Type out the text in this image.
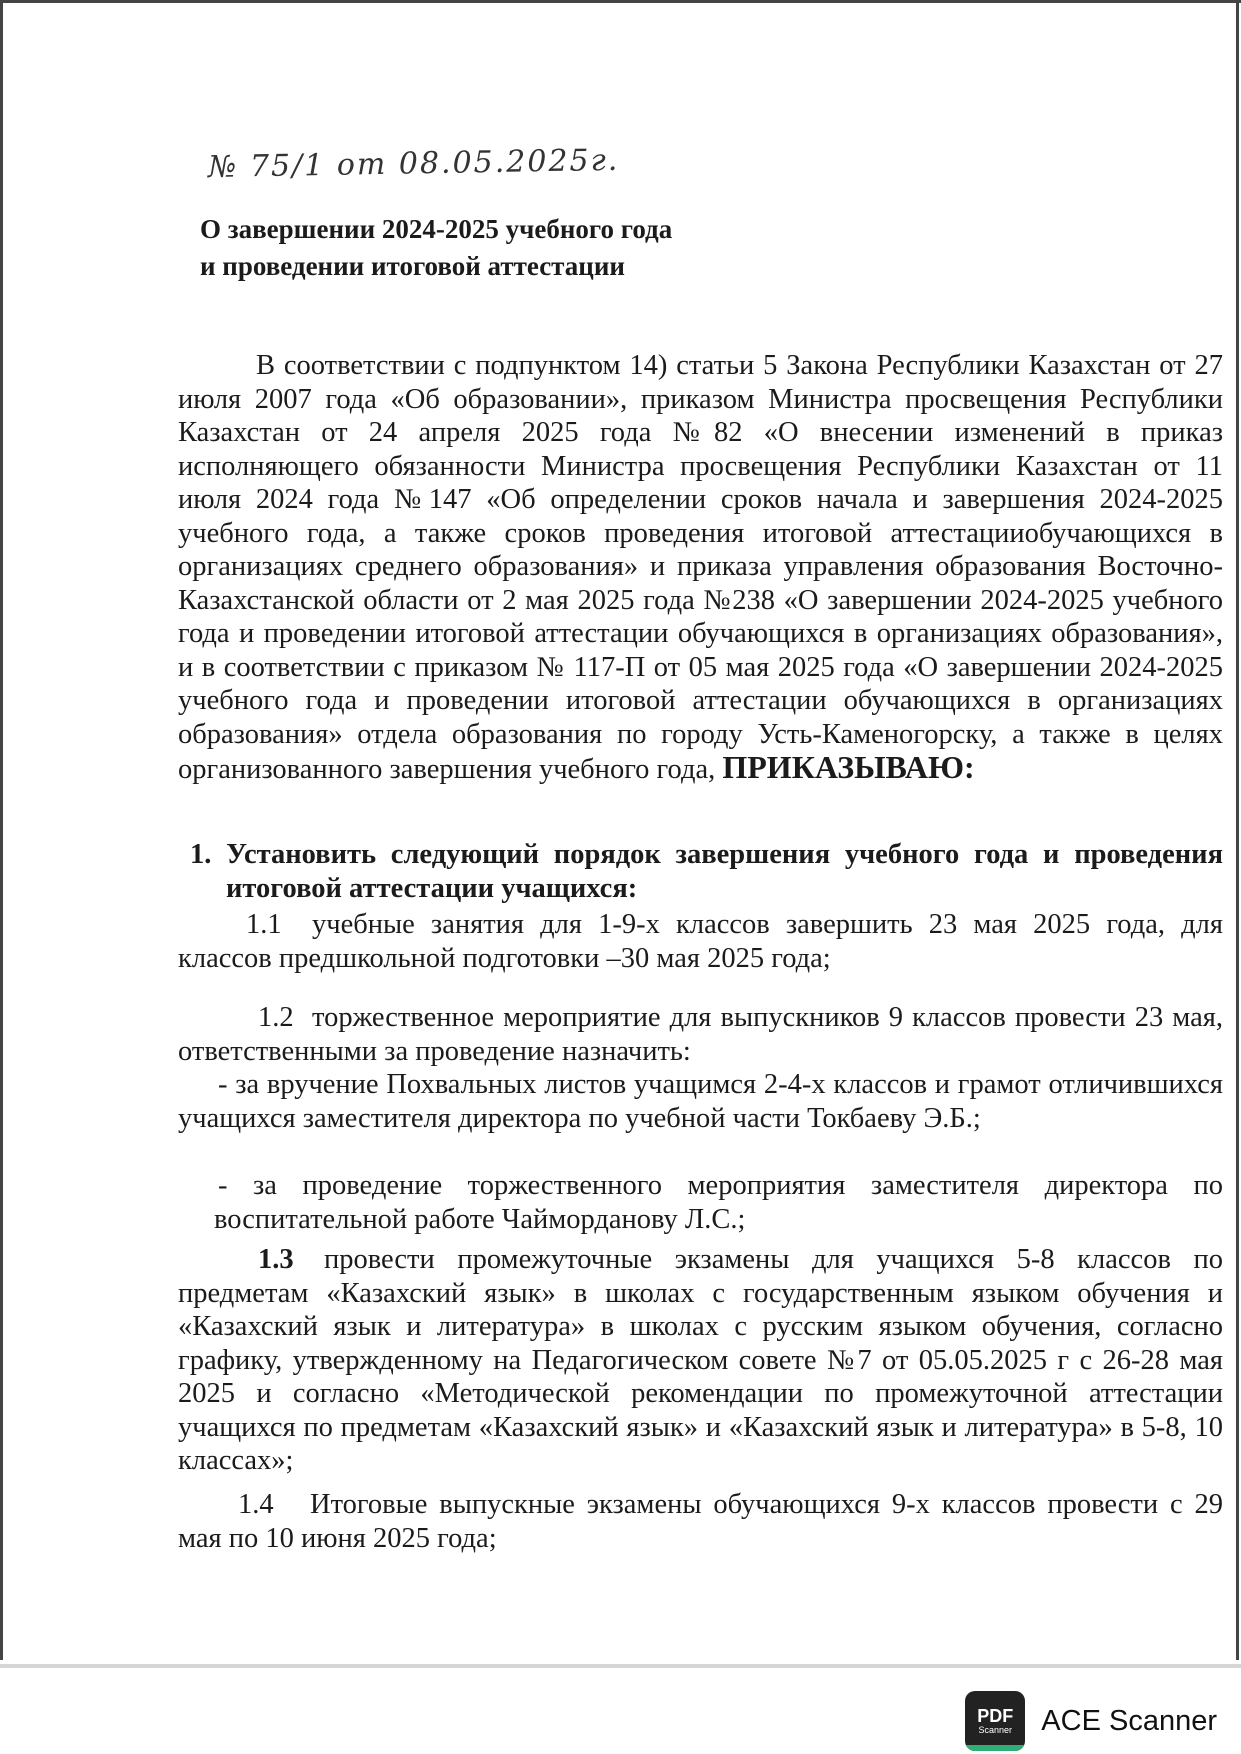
№ 75/1 от 08.05.2025г.
О завершении 2024-2025 учебного года
и проведении итоговой аттестации

В соответствии с подпунктом 14) статьи 5 Закона Республики Казахстан от 27 июля 2007 года «Об образовании», приказом Министра просвещения Республики Казахстан от 24 апреля 2025 года №82 «О внесении изменений в приказ исполняющего обязанности Министра просвещения Республики Казахстан от 11 июля 2024 года №147 «Об определении сроков начала и завершения 2024-2025 учебного года, а также сроков проведения итоговой аттестацииобучающихся в организациях среднего образования» и приказа управления образования Восточно-Казахстанской области от 2 мая 2025 года №238 «О завершении 2024-2025 учебного года и проведении итоговой аттестации обучающихся в организациях образования», и в соответствии с приказом № 117-П от 05 мая 2025 года «О завершении 2024-2025 учебного года и проведении итоговой аттестации обучающихся в организациях образования» отдела образования по городу Усть-Каменогорску, а также в целях организованного завершения учебного года, ПРИКАЗЫВАЮ:

1. Установить следующий порядок завершения учебного года и проведения итоговой аттестации учащихся:

1.1 учебные занятия для 1-9-х классов завершить 23 мая 2025 года, для классов предшкольной подготовки –30 мая 2025 года;

1.2 торжественное мероприятие для выпускников 9 классов провести 23 мая, ответственными за проведение назначить:

- за вручение Похвальных листов учащимся 2-4-х классов и грамот отличившихся учащихся заместителя директора по учебной части Токбаеву Э.Б.;

- за проведение торжественного мероприятия заместителя директора по воспитательной работе Чайморданову Л.С.;

1.3 провести промежуточные экзамены для учащихся 5-8 классов по предметам «Казахский язык» в школах с государственным языком обучения и «Казахский язык и литература» в школах с русским языком обучения, согласно графику, утвержденному на Педагогическом совете №7 от 05.05.2025 г с 26-28 мая 2025 и согласно «Методической рекомендации по промежуточной аттестации учащихся по предметам «Казахский язык» и «Казахский язык и литература» в 5-8, 10 классах»;

1.4 Итоговые выпускные экзамены обучающихся 9-х классов провести с 29 мая по 10 июня 2025 года;

PDF
Scanner ACE Scanner
